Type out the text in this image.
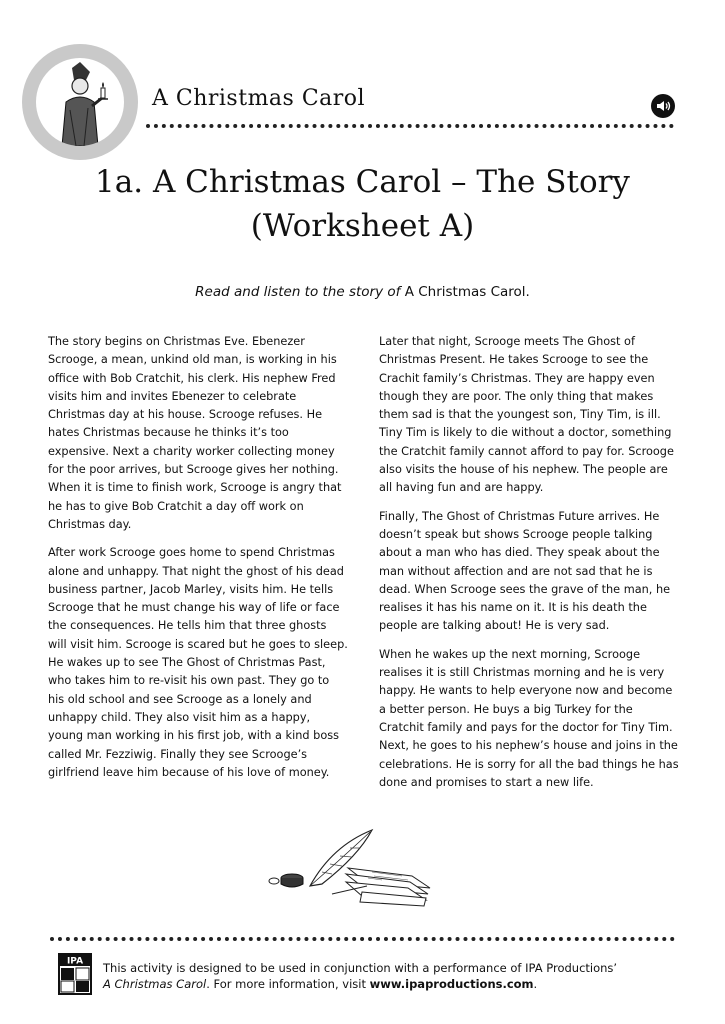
A Christmas Carol
1a. A Christmas Carol – The Story
(Worksheet A)
Read and listen to the story of A Christmas Carol.

The story begins on Christmas Eve. Ebenezer Scrooge, a mean, unkind old man, is working in his office with Bob Cratchit, his clerk. His nephew Fred visits him and invites Ebenezer to celebrate Christmas day at his house. Scrooge refuses. He hates Christmas because he thinks it’s too expensive. Next a charity worker collecting money for the poor arrives, but Scrooge gives her nothing. When it is time to finish work, Scrooge is angry that he has to give Bob Cratchit a day off work on Christmas day.

After work Scrooge goes home to spend Christmas alone and unhappy. That night the ghost of his dead business partner, Jacob Marley, visits him. He tells Scrooge that he must change his way of life or face the consequences. He tells him that three ghosts will visit him. Scrooge is scared but he goes to sleep. He wakes up to see The Ghost of Christmas Past, who takes him to re-visit his own past. They go to his old school and see Scrooge as a lonely and unhappy child. They also visit him as a happy, young man working in his first job, with a kind boss called Mr. Fezziwig. Finally they see Scrooge’s girlfriend leave him because of his love of money.

Later that night, Scrooge meets The Ghost of Christmas Present. He takes Scrooge to see the Crachit family’s Christmas. They are happy even though they are poor. The only thing that makes them sad is that the youngest son, Tiny Tim, is ill. Tiny Tim is likely to die without a doctor, something the Cratchit family cannot afford to pay for. Scrooge also visits the house of his nephew. The people are all having fun and are happy.

Finally, The Ghost of Christmas Future arrives. He doesn’t speak but shows Scrooge people talking about a man who has died. They speak about the man without affection and are not sad that he is dead. When Scrooge sees the grave of the man, he realises it has his name on it. It is his death the people are talking about! He is very sad.

When he wakes up the next morning, Scrooge realises it is still Christmas morning and he is very happy. He wants to help everyone now and become a better person. He buys a big Turkey for the Cratchit family and pays for the doctor for Tiny Tim. Next, he goes to his nephew’s house and joins in the celebrations. He is sorry for all the bad things he has done and promises to start a new life.

IPA This activity is designed to be used in conjunction with a performance of IPA Productions’
A Christmas Carol. For more information, visit www.ipaproductions.com.
